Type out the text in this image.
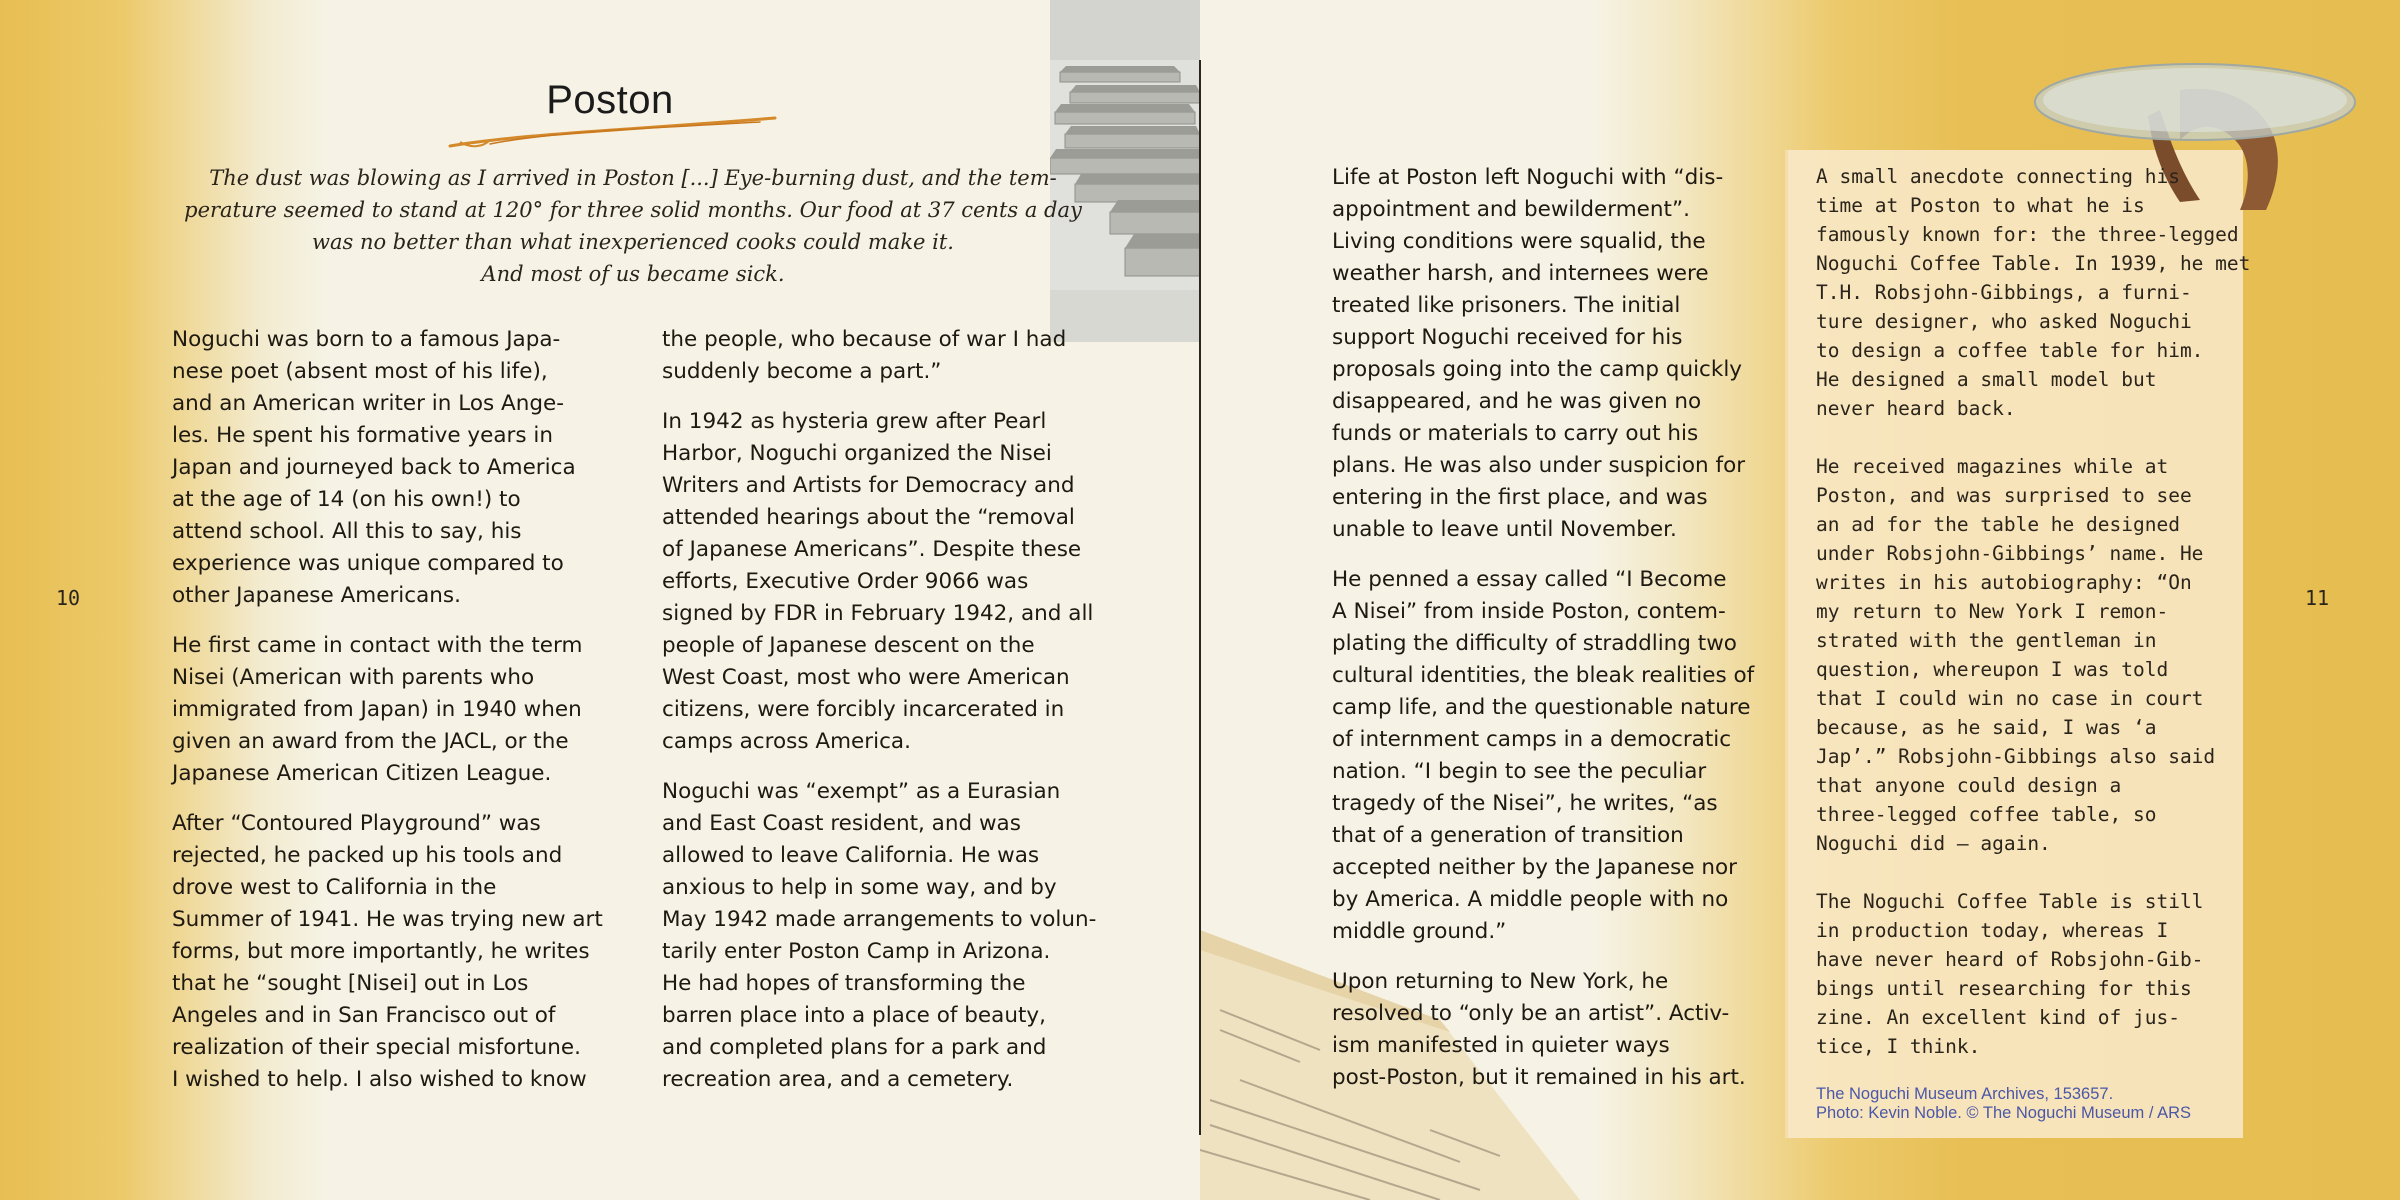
Poston
The dust was blowing as I arrived in Poston [...] Eye-burning dust, and the tem-
perature seemed to stand at 120° for three solid months. Our food at 37 cents a day
was no better than what inexperienced cooks could make it.
And most of us became sick.

Noguchi was born to a famous Japa-
nese poet (absent most of his life),
and an American writer in Los Ange-
les. He spent his formative years in
Japan and journeyed back to America
at the age of 14 (on his own!) to
attend school. All this to say, his
experience was unique compared to
other Japanese Americans.

He first came in contact with the term
Nisei (American with parents who
immigrated from Japan) in 1940 when
given an award from the JACL, or the
Japanese American Citizen League.

After “Contoured Playground” was
rejected, he packed up his tools and
drove west to California in the
Summer of 1941. He was trying new art
forms, but more importantly, he writes
that he “sought [Nisei] out in Los
Angeles and in San Francisco out of
realization of their special misfortune.
I wished to help. I also wished to know

the people, who because of war I had
suddenly become a part.”

In 1942 as hysteria grew after Pearl
Harbor, Noguchi organized the Nisei
Writers and Artists for Democracy and
attended hearings about the “removal
of Japanese Americans”. Despite these
efforts, Executive Order 9066 was
signed by FDR in February 1942, and all
people of Japanese descent on the
West Coast, most who were American
citizens, were forcibly incarcerated in
camps across America.

Noguchi was “exempt” as a Eurasian
and East Coast resident, and was
allowed to leave California. He was
anxious to help in some way, and by
May 1942 made arrangements to volun-
tarily enter Poston Camp in Arizona.
He had hopes of transforming the
barren place into a place of beauty,
and completed plans for a park and
recreation area, and a cemetery.

10

Life at Poston left Noguchi with “dis-
appointment and bewilderment”.
Living conditions were squalid, the
weather harsh, and internees were
treated like prisoners. The initial
support Noguchi received for his
proposals going into the camp quickly
disappeared, and he was given no
funds or materials to carry out his
plans. He was also under suspicion for
entering in the first place, and was
unable to leave until November.

He penned a essay called “I Become
A Nisei” from inside Poston, contem-
plating the difficulty of straddling two
cultural identities, the bleak realities of
camp life, and the questionable nature
of internment camps in a democratic
nation. “I begin to see the peculiar
tragedy of the Nisei”, he writes, “as
that of a generation of transition
accepted neither by the Japanese nor
by America. A middle people with no
middle ground.”

Upon returning to New York, he
resolved to “only be an artist”. Activ-
ism manifested in quieter ways
post-Poston, but it remained in his art.

A small anecdote connecting his
time at Poston to what he is
famously known for: the three-legged
Noguchi Coffee Table. In 1939, he met
T.H. Robsjohn-Gibbings, a furni-
ture designer, who asked Noguchi
to design a coffee table for him.
He designed a small model but
never heard back.

He received magazines while at
Poston, and was surprised to see
an ad for the table he designed
under Robsjohn-Gibbings’ name. He
writes in his autobiography: “On
my return to New York I remon-
strated with the gentleman in
question, whereupon I was told
that I could win no case in court
because, as he said, I was ‘a
Jap’.” Robsjohn-Gibbings also said
that anyone could design a
three-legged coffee table, so
Noguchi did — again.

The Noguchi Coffee Table is still
in production today, whereas I
have never heard of Robsjohn-Gib-
bings until researching for this
zine. An excellent kind of jus-
tice, I think.

The Noguchi Museum Archives, 153657.
Photo: Kevin Noble. © The Noguchi Museum / ARS
11
